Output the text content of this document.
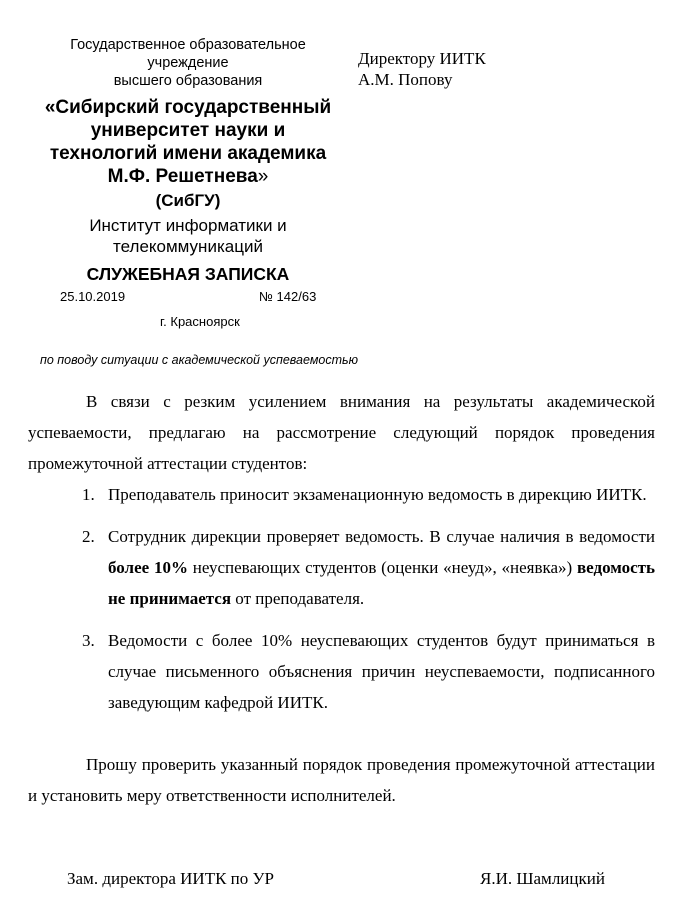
Государственное образовательное
учреждение
высшего образования
«Сибирский государственный
университет науки и
технологий имени академика
М.Ф. Решетнева»
(СибГУ)
Институт информатики и
телекоммуникаций
СЛУЖЕБНАЯ ЗАПИСКА
Директору ИИТК
А.М. Попову
25.10.2019	№ 142/63
г. Красноярск
по поводу ситуации с академической успеваемостью

В связи с резким усилением внимания на результаты академической успеваемости, предлагаю на рассмотрение следующий порядок проведения промежуточной аттестации студентов:

1. Преподаватель приносит экзаменационную ведомость в дирекцию ИИТК.
2. Сотрудник дирекции проверяет ведомость. В случае наличия в ведомости более 10% неуспевающих студентов (оценки «неуд», «неявка») ведомость не принимается от преподавателя.
3. Ведомости с более 10% неуспевающих студентов будут приниматься в случае письменного объяснения причин неуспеваемости, подписанного заведующим кафедрой ИИТК.

Прошу проверить указанный порядок проведения промежуточной аттестации и установить меру ответственности исполнителей.

Зам. директора ИИТК по УР	Я.И. Шамлицкий
